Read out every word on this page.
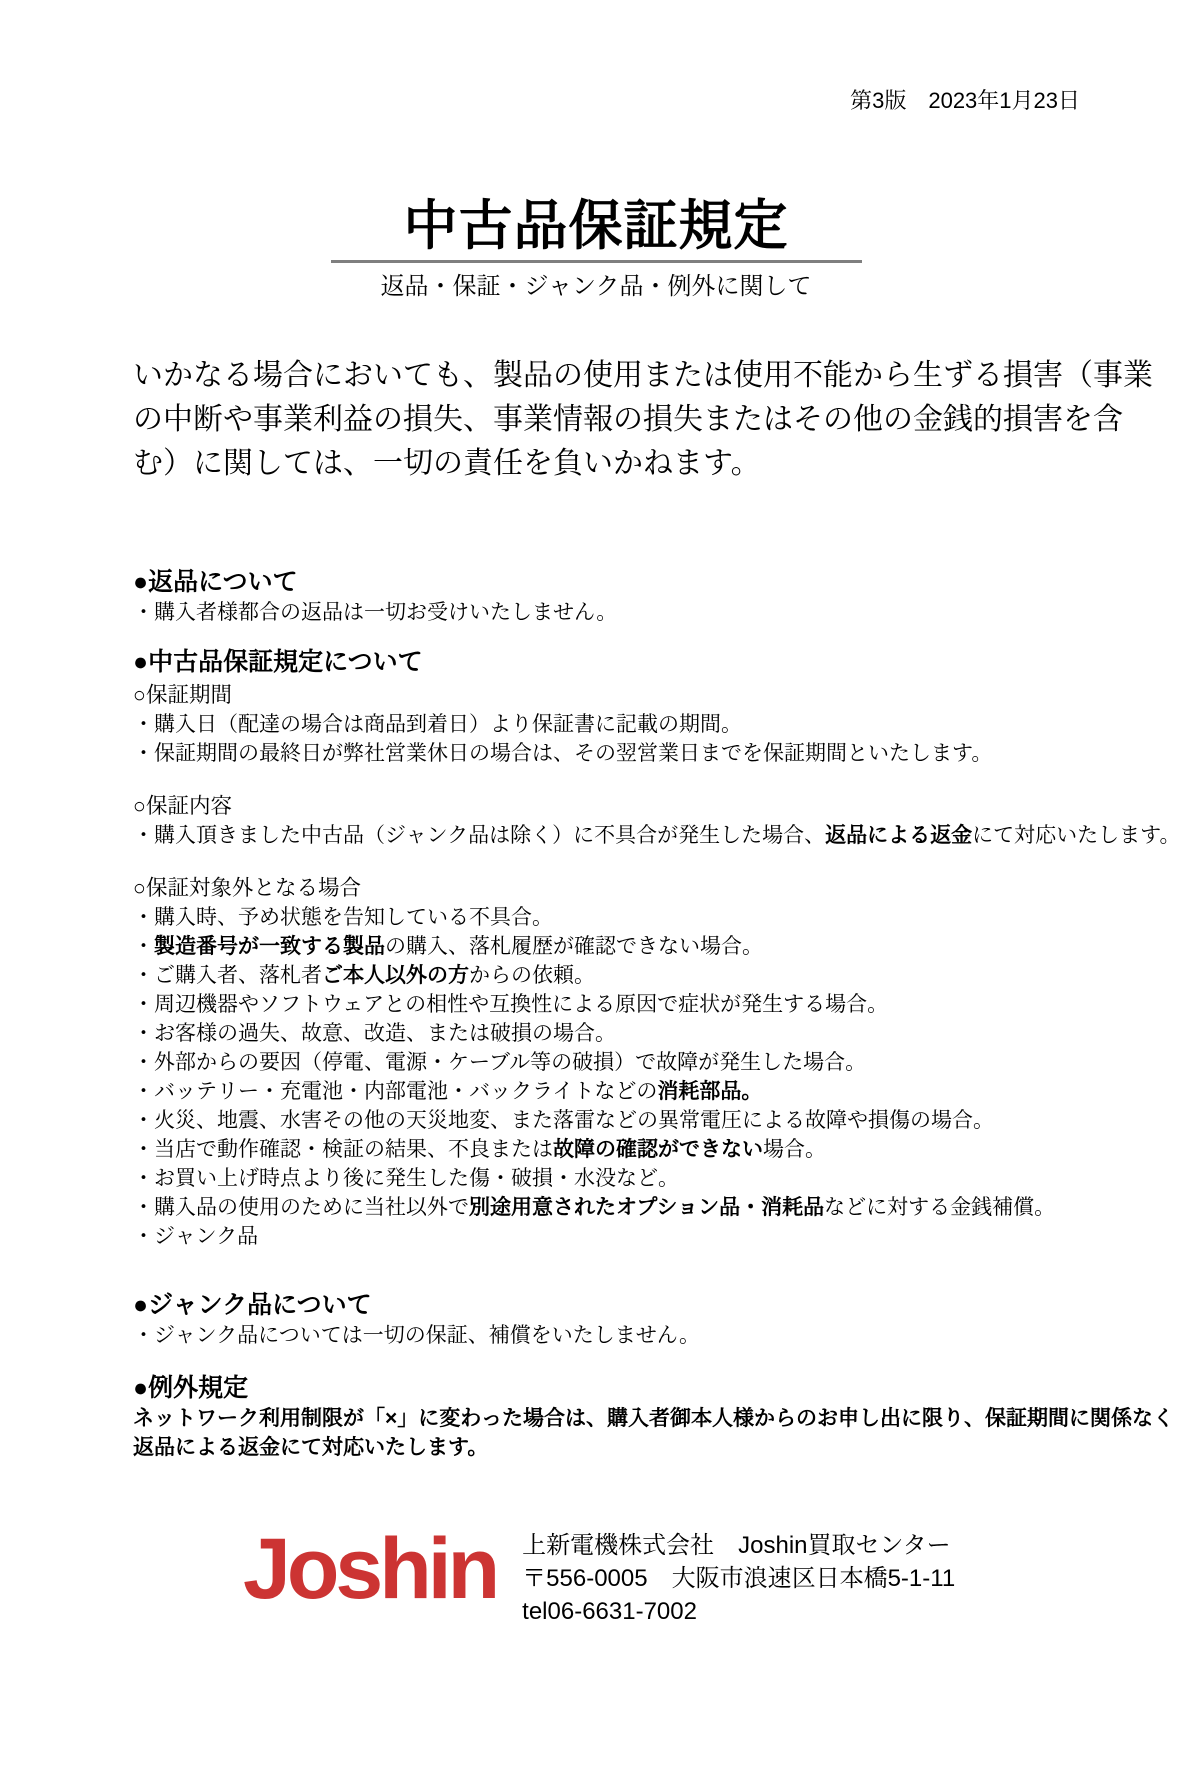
第3版　2023年1月23日
中古品保証規定
返品・保証・ジャンク品・例外に関して
いかなる場合においても、製品の使用または使用不能から生ずる損害（事業
の中断や事業利益の損失、事業情報の損失またはその他の金銭的損害を含
む）に関しては、一切の責任を負いかねます。
●返品について
・購入者様都合の返品は一切お受けいたしません。
●中古品保証規定について
○保証期間
・購入日（配達の場合は商品到着日）より保証書に記載の期間。
・保証期間の最終日が弊社営業休日の場合は、その翌営業日までを保証期間といたします。
○保証内容
・購入頂きました中古品（ジャンク品は除く）に不具合が発生した場合、返品による返金にて対応いたします。
○保証対象外となる場合
・購入時、予め状態を告知している不具合。
・製造番号が一致する製品の購入、落札履歴が確認できない場合。
・ご購入者、落札者ご本人以外の方からの依頼。
・周辺機器やソフトウェアとの相性や互換性による原因で症状が発生する場合。
・お客様の過失、故意、改造、または破損の場合。
・外部からの要因（停電、電源・ケーブル等の破損）で故障が発生した場合。
・バッテリー・充電池・内部電池・バックライトなどの消耗部品。
・火災、地震、水害その他の天災地変、また落雷などの異常電圧による故障や損傷の場合。
・当店で動作確認・検証の結果、不良または故障の確認ができない場合。
・お買い上げ時点より後に発生した傷・破損・水没など。
・購入品の使用のために当社以外で別途用意されたオプション品・消耗品などに対する金銭補償。
・ジャンク品
●ジャンク品について
・ジャンク品については一切の保証、補償をいたしません。
●例外規定
ネットワーク利用制限が「×」に変わった場合は、購入者御本人様からのお申し出に限り、保証期間に関係なく
返品による返金にて対応いたします。
Joshin 上新電機株式会社　Joshin買取センター
〒556-0005　大阪市浪速区日本橋5-1-11
tel06-6631-7002
